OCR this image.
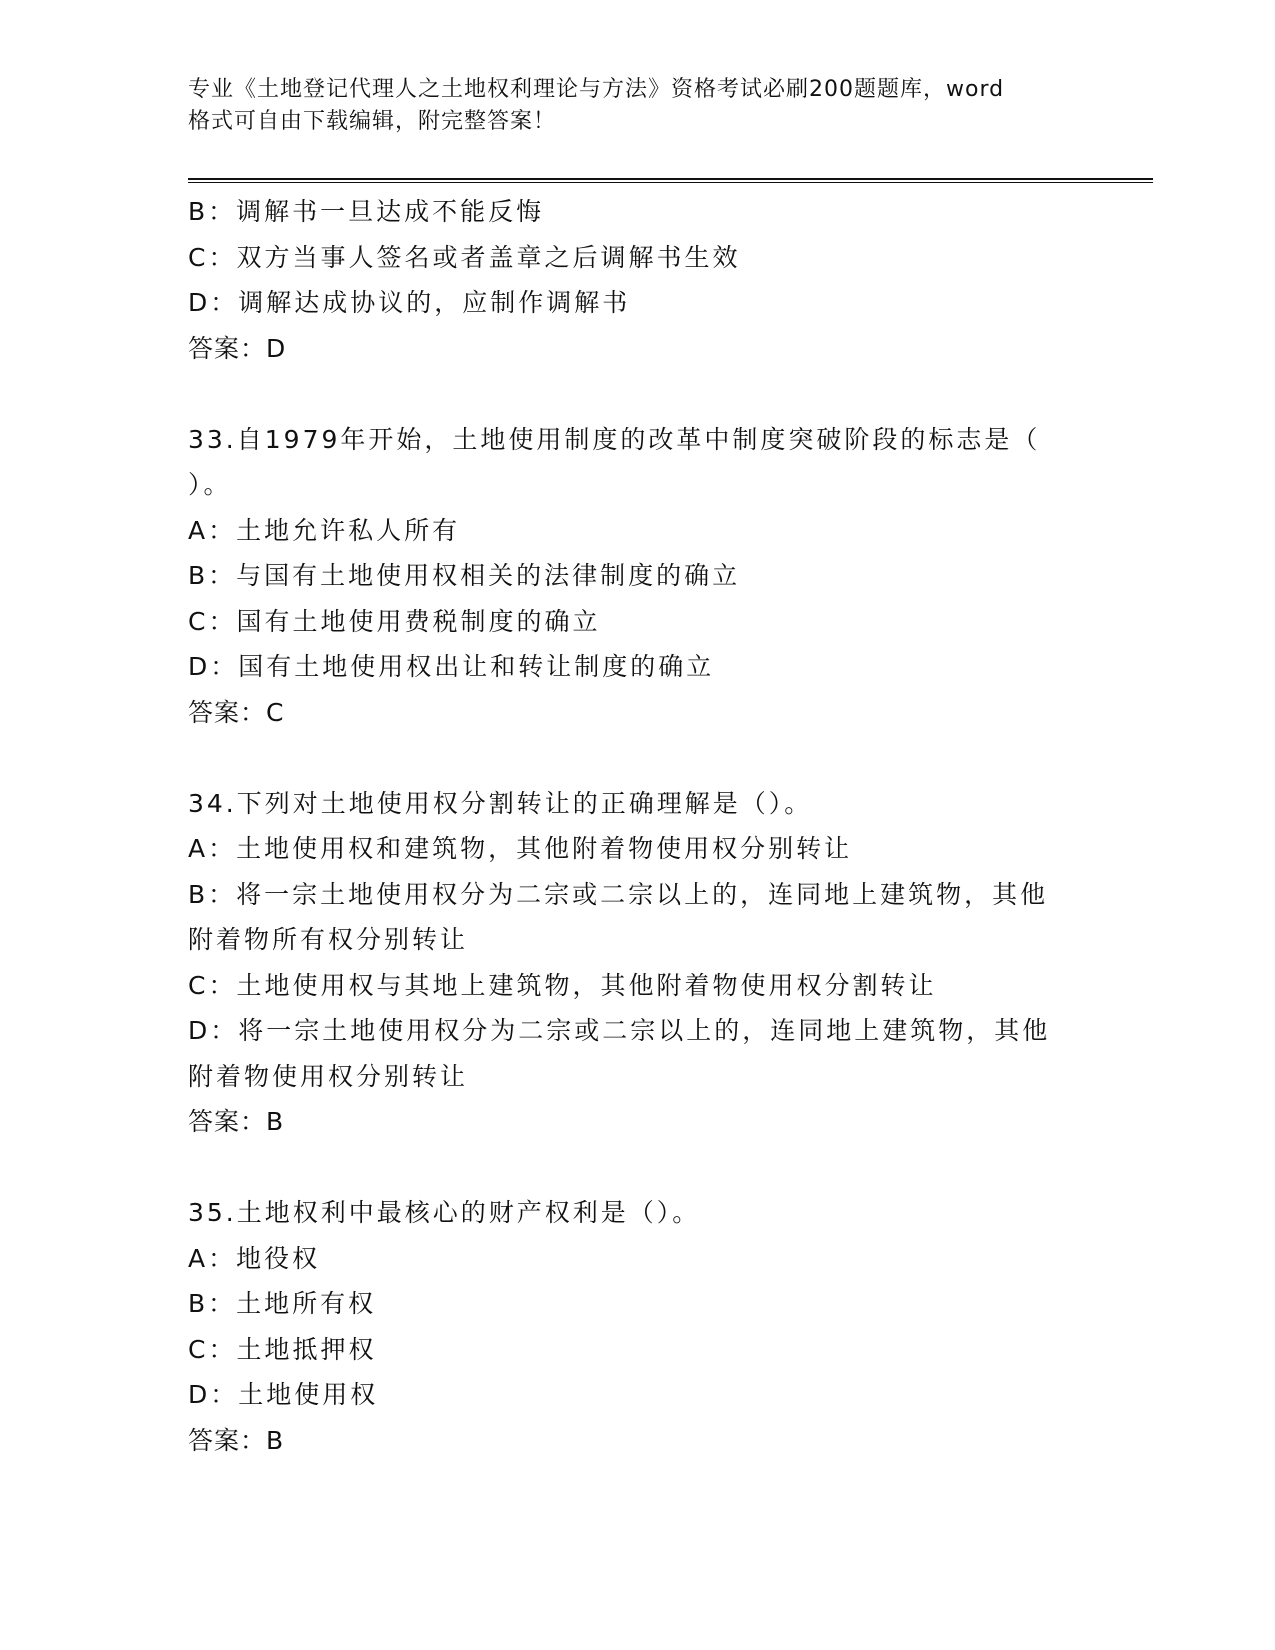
专业《土地登记代理人之土地权利理论与方法》资格考试必刷200题题库，word
格式可自由下载编辑，附完整答案！

B：调解书一旦达成不能反悔

C：双方当事人签名或者盖章之后调解书生效

D：调解达成协议的，应制作调解书

答案：D

33.自1979年开始，土地使用制度的改革中制度突破阶段的标志是（

）。

A：土地允许私人所有

B：与国有土地使用权相关的法律制度的确立

C：国有土地使用费税制度的确立

D：国有土地使用权出让和转让制度的确立

答案：C

34.下列对土地使用权分割转让的正确理解是（）。

A：土地使用权和建筑物，其他附着物使用权分别转让

B：将一宗土地使用权分为二宗或二宗以上的，连同地上建筑物，其他

附着物所有权分别转让

C：土地使用权与其地上建筑物，其他附着物使用权分割转让

D：将一宗土地使用权分为二宗或二宗以上的，连同地上建筑物，其他

附着物使用权分别转让

答案：B

35.土地权利中最核心的财产权利是（）。

A：地役权

B：土地所有权

C：土地抵押权

D：土地使用权

答案：B
